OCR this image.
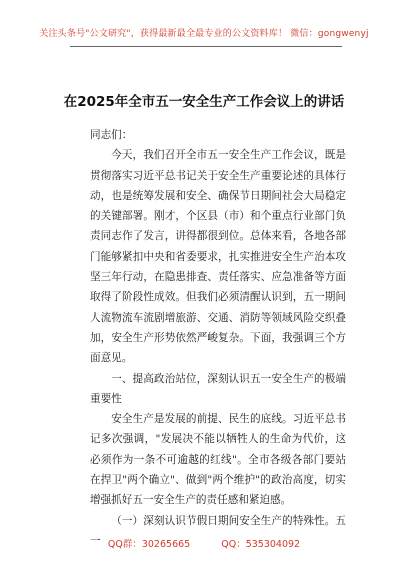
关注头条号"公文研究"，获得最新最全最专业的公文资料库！ 微信：gongwenyj
在2025年全市五一安全生产工作会议上的讲话

同志们：

今天，我们召开全市五一安全生产工作会议，既是贯彻落实习近平总书记关于安全生产重要论述的具体行动，也是统筹发展和安全、确保节日期间社会大局稳定的关键部署。刚才，个区县（市）和个重点行业部门负责同志作了发言，讲得都很到位。总体来看，各地各部门能够紧扣中央和省委要求，扎实推进安全生产治本攻坚三年行动，在隐患排查、责任落实、应急准备等方面取得了阶段性成效。但我们必须清醒认识到，五一期间人流物流车流剧增旅游、交通、消防等领域风险交织叠加，安全生产形势依然严峻复杂。下面，我强调三个方面意见。

一、提高政治站位，深刻认识五一安全生产的极端重要性

安全生产是发展的前提、民生的底线。习近平总书记多次强调，"发展决不能以牺牲人的生命为代价，这必须作为一条不可逾越的红线"。全市各级各部门要站在捍卫"两个确立"、做到"两个维护"的政治高度，切实增强抓好五一安全生产的责任感和紧迫感。

（一）深刻认识节假日期间安全生产的特殊性。五一 QQ群：30265665	QQ：535304092
